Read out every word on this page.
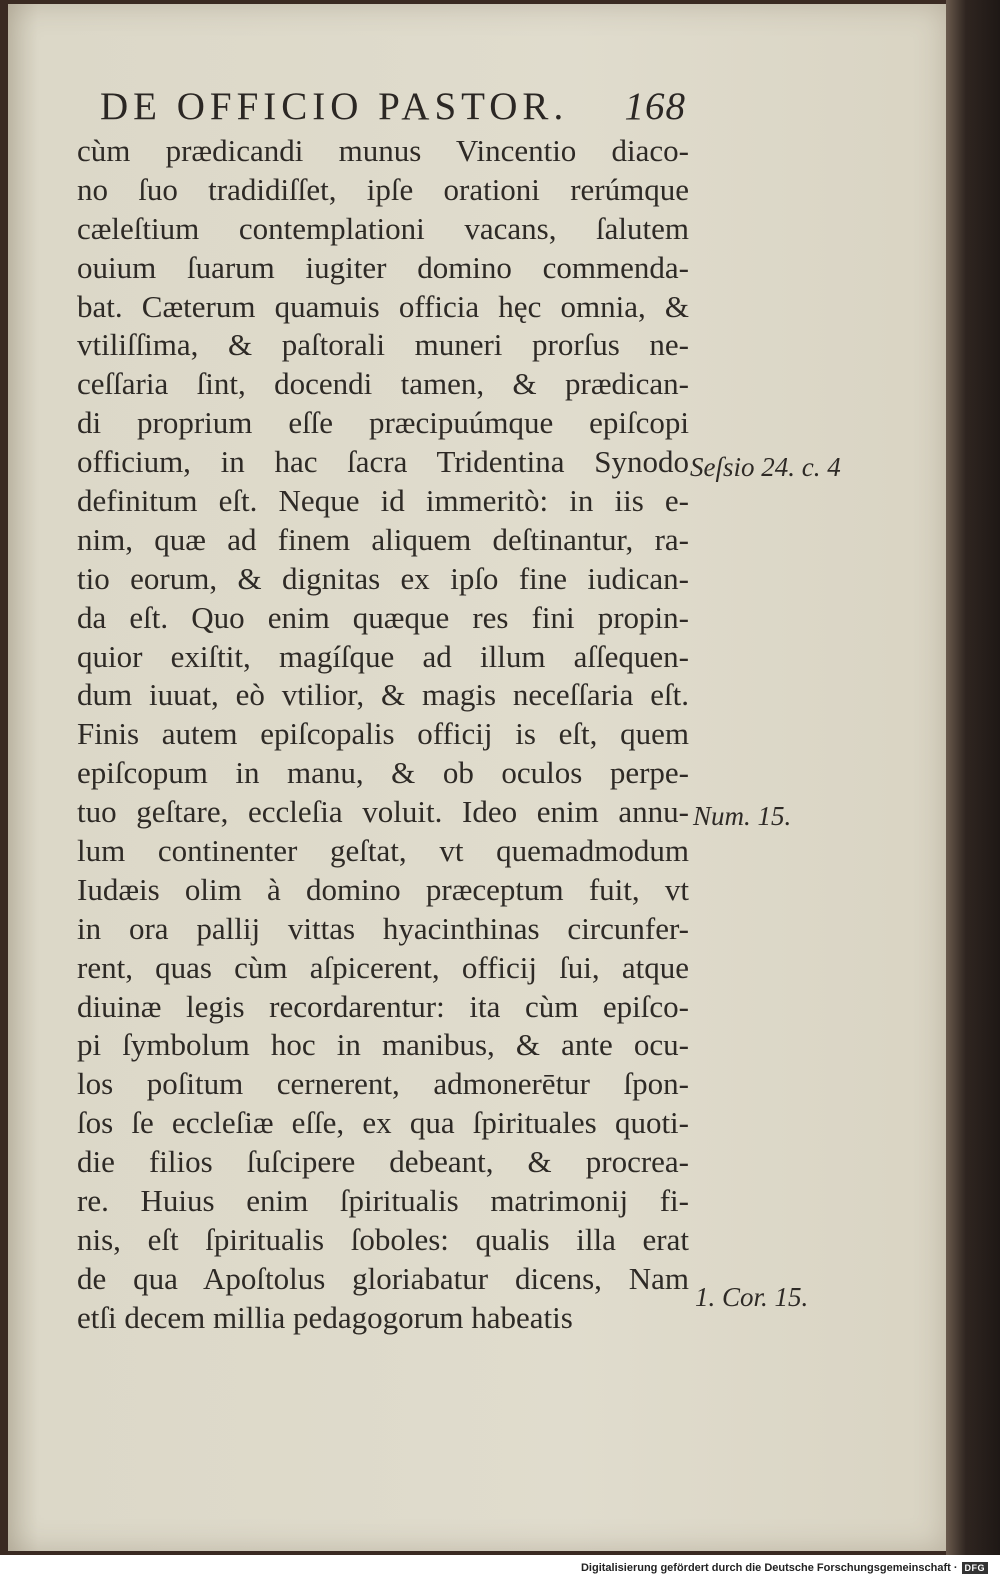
DE OFFICIO PASTOR. 168
cùm prædicandi munus Vincentio diaco-
no ſuo tradidiſſet, ipſe orationi rerúmque
cæleſtium contemplationi vacans, ſalutem
ouium ſuarum iugiter domino commenda-
bat. Cæterum quamuis officia hęc omnia, &
vtiliſſima, & paſtorali muneri prorſus ne-
ceſſaria ſint, docendi tamen, & prædican-
di proprium eſſe præcipuúmque epiſcopi
officium, in hac ſacra Tridentina Synodo
definitum eſt. Neque id immeritò: in iis e-
nim, quæ ad finem aliquem deſtinantur, ra-
tio eorum, & dignitas ex ipſo fine iudican-
da eſt. Quo enim quæque res fini propin-
quior exiſtit, magíſque ad illum aſſequen-
dum iuuat, eò vtilior, & magis neceſſaria eſt.
Finis autem epiſcopalis officij is eſt, quem
epiſcopum in manu, & ob oculos perpe-
tuo geſtare, eccleſia voluit. Ideo enim annu-
lum continenter geſtat, vt quemadmodum
Iudæis olim à domino præceptum fuit, vt
in ora pallij vittas hyacinthinas circunfer-
rent, quas cùm aſpicerent, officij ſui, atque
diuinæ legis recordarentur: ita cùm epiſco-
pi ſymbolum hoc in manibus, & ante ocu-
los poſitum cernerent, admonerētur ſpon-
ſos ſe eccleſiæ eſſe, ex qua ſpirituales quoti-
die filios ſuſcipere debeant, & procrea-
re. Huius enim ſpiritualis matrimonij fi-
nis, eſt ſpiritualis ſoboles: qualis illa erat
de qua Apoſtolus gloriabatur dicens, Nam
etſi decem millia pedagogorum habeatis
Seſsio 24. c. 4
Num. 15.
1. Cor. 15.
Digitalisierung gefördert durch die Deutsche Forschungsgemeinschaft · DFG
